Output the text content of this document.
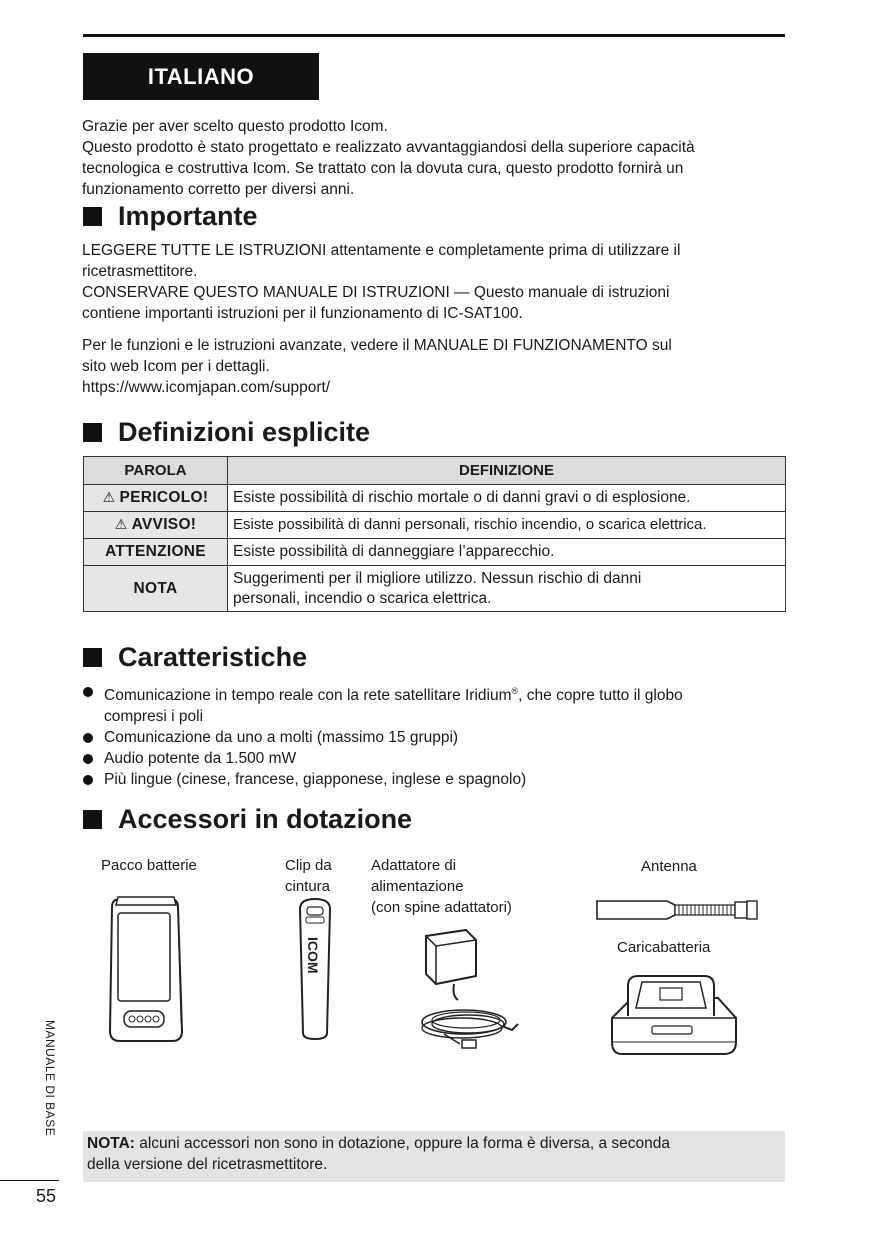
ITALIANO
Grazie per aver scelto questo prodotto Icom.
Questo prodotto è stato progettato e realizzato avvantaggiandosi della superiore capacità
tecnologica e costruttiva Icom. Se trattato con la dovuta cura, questo prodotto fornirà un
funzionamento corretto per diversi anni.
Importante
LEGGERE TUTTE LE ISTRUZIONI attentamente e completamente prima di utilizzare il
ricetrasmettitore.
CONSERVARE QUESTO MANUALE DI ISTRUZIONI — Questo manuale di istruzioni
contiene importanti istruzioni per il funzionamento di IC-SAT100.
Per le funzioni e le istruzioni avanzate, vedere il MANUALE DI FUNZIONAMENTO sul
sito web Icom per i dettagli.
https://www.icomjapan.com/support/
Definizioni esplicite
PAROLA	DEFINIZIONE
⚠ PERICOLO!	Esiste possibilità di rischio mortale o di danni gravi o di esplosione.
⚠ AVVISO!	Esiste possibilità di danni personali, rischio incendio, o scarica elettrica.
ATTENZIONE	Esiste possibilità di danneggiare l’apparecchio.
NOTA	Suggerimenti per il migliore utilizzo. Nessun rischio di danni
personali, incendio o scarica elettrica.
Caratteristiche
Comunicazione in tempo reale con la rete satellitare Iridium®, che copre tutto il globo
compresi i poli
Comunicazione da uno a molti (massimo 15 gruppi)
Audio potente da 1.500 mW
Più lingue (cinese, francese, giapponese, inglese e spagnolo)
Accessori in dotazione
Pacco batterie	Clip da
cintura
Adattatore di
alimentazione
(con spine adattatori)
Antenna
Caricabatteria
ICOM
MANUALE DI BASE
NOTA: alcuni accessori non sono in dotazione, oppure la forma è diversa, a seconda
della versione del ricetrasmettitore.
55
